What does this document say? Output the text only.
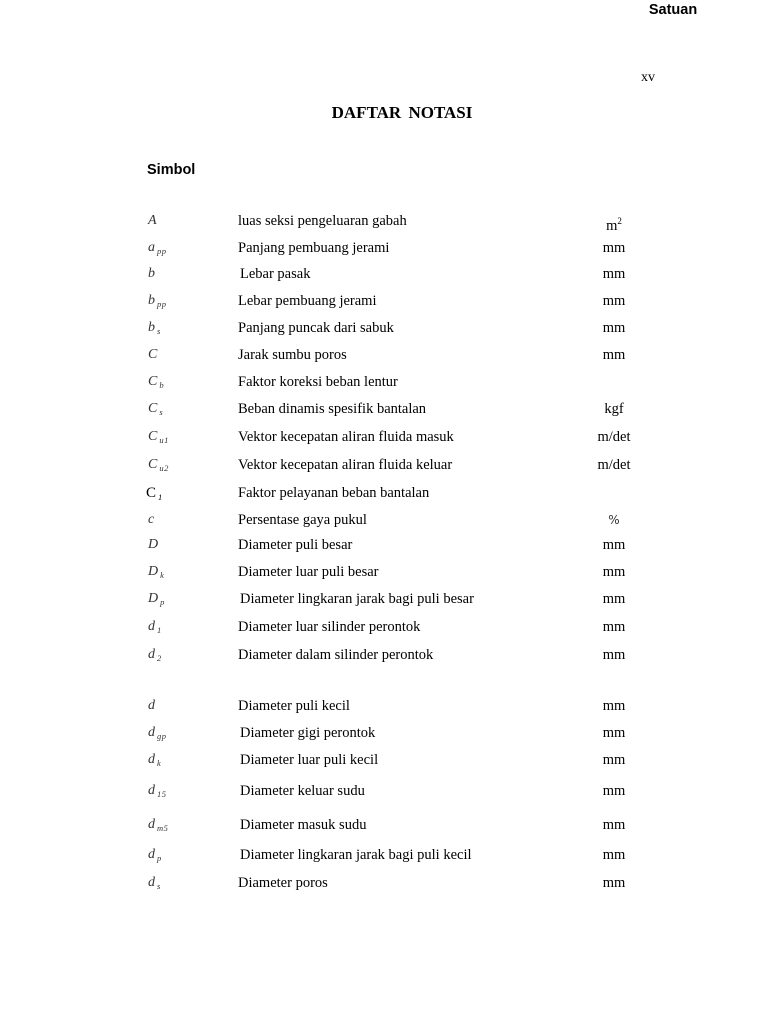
xv
DAFTAR NOTASI
Simbol
Satuan
A	luas seksi pengeluaran gabah	$m^2$
a $_{pp}$	Panjang pembuang jerami	mm
b	Lebar pasak	mm
b $_{pp}$	Lebar pembuang jerami	mm
b $_s$	Panjang puncak dari sabuk	mm
C	Jarak sumbu poros	mm
C $_b$	Faktor koreksi beban lentur
C $_s$	Beban dinamis spesifik bantalan	kgf
C $_{u1}$	Vektor kecepatan aliran fluida masuk	m/det
C $_{u2}$	Vektor kecepatan aliran fluida keluar	m/det
C $_1$	Faktor pelayanan beban bantalan
c	Persentase gaya pukul	%
D	Diameter puli besar	mm
D $_k$	Diameter luar puli besar	mm
D $_p$	Diameter lingkaran jarak bagi puli besar	mm
d $_1$	Diameter luar silinder perontok	mm
d $_2$	Diameter dalam silinder perontok	mm
d	Diameter puli kecil	mm
d $_{gp}$	Diameter gigi perontok	mm
d $_k$	Diameter luar puli kecil	mm
d $_{15}$	Diameter keluar sudu	mm
d $_{m5}$	Diameter masuk sudu	mm
d $_p$	Diameter lingkaran jarak bagi puli kecil	mm
d $_s$	Diameter poros	mm
